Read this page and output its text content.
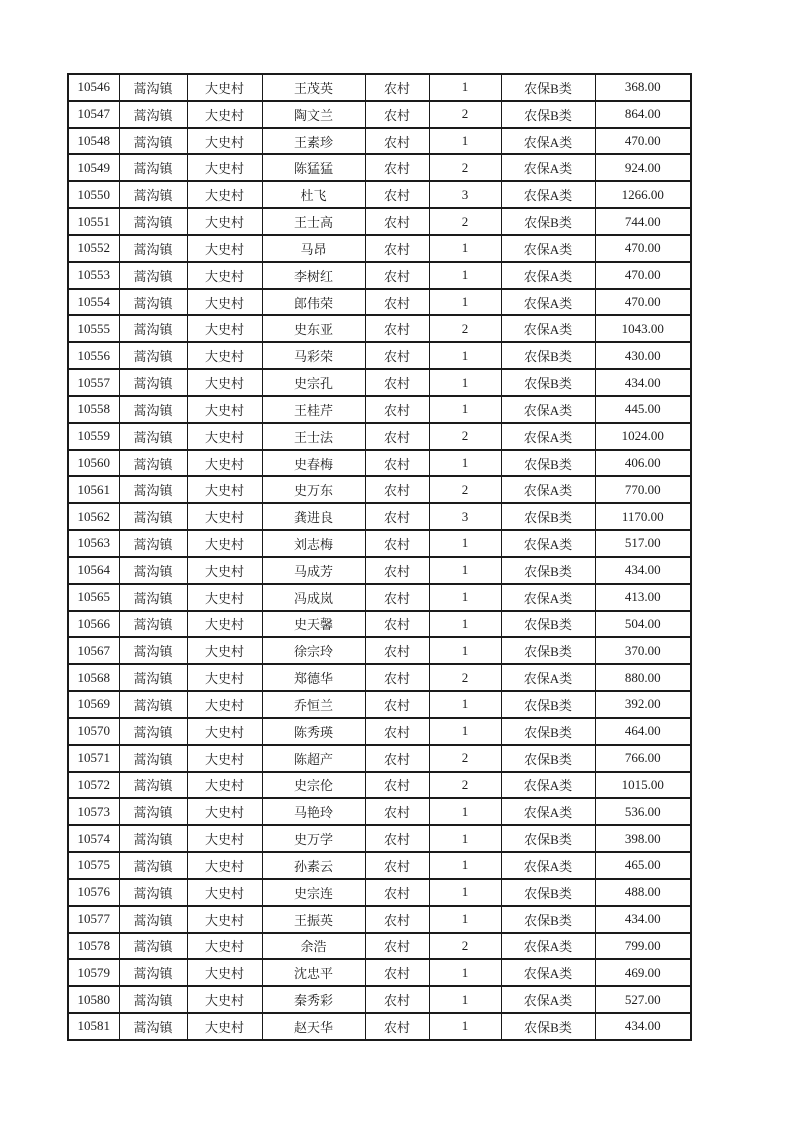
10546	蒿沟镇	大史村	王茂英	农村	1	农保B类	368.00
10547	蒿沟镇	大史村	陶文兰	农村	2	农保B类	864.00
10548	蒿沟镇	大史村	王素珍	农村	1	农保A类	470.00
10549	蒿沟镇	大史村	陈猛猛	农村	2	农保A类	924.00
10550	蒿沟镇	大史村	杜飞	农村	3	农保A类	1266.00
10551	蒿沟镇	大史村	王士高	农村	2	农保B类	744.00
10552	蒿沟镇	大史村	马昂	农村	1	农保A类	470.00
10553	蒿沟镇	大史村	李树红	农村	1	农保A类	470.00
10554	蒿沟镇	大史村	郎伟荣	农村	1	农保A类	470.00
10555	蒿沟镇	大史村	史东亚	农村	2	农保A类	1043.00
10556	蒿沟镇	大史村	马彩荣	农村	1	农保B类	430.00
10557	蒿沟镇	大史村	史宗孔	农村	1	农保B类	434.00
10558	蒿沟镇	大史村	王桂芹	农村	1	农保A类	445.00
10559	蒿沟镇	大史村	王士法	农村	2	农保A类	1024.00
10560	蒿沟镇	大史村	史春梅	农村	1	农保B类	406.00
10561	蒿沟镇	大史村	史万东	农村	2	农保A类	770.00
10562	蒿沟镇	大史村	龚进良	农村	3	农保B类	1170.00
10563	蒿沟镇	大史村	刘志梅	农村	1	农保A类	517.00
10564	蒿沟镇	大史村	马成芳	农村	1	农保B类	434.00
10565	蒿沟镇	大史村	冯成岚	农村	1	农保A类	413.00
10566	蒿沟镇	大史村	史天馨	农村	1	农保B类	504.00
10567	蒿沟镇	大史村	徐宗玲	农村	1	农保B类	370.00
10568	蒿沟镇	大史村	郑德华	农村	2	农保A类	880.00
10569	蒿沟镇	大史村	乔恒兰	农村	1	农保B类	392.00
10570	蒿沟镇	大史村	陈秀瑛	农村	1	农保B类	464.00
10571	蒿沟镇	大史村	陈超产	农村	2	农保B类	766.00
10572	蒿沟镇	大史村	史宗伦	农村	2	农保A类	1015.00
10573	蒿沟镇	大史村	马艳玲	农村	1	农保A类	536.00
10574	蒿沟镇	大史村	史万学	农村	1	农保B类	398.00
10575	蒿沟镇	大史村	孙素云	农村	1	农保A类	465.00
10576	蒿沟镇	大史村	史宗连	农村	1	农保B类	488.00
10577	蒿沟镇	大史村	王振英	农村	1	农保B类	434.00
10578	蒿沟镇	大史村	余浩	农村	2	农保A类	799.00
10579	蒿沟镇	大史村	沈忠平	农村	1	农保A类	469.00
10580	蒿沟镇	大史村	秦秀彩	农村	1	农保A类	527.00
10581	蒿沟镇	大史村	赵天华	农村	1	农保B类	434.00
